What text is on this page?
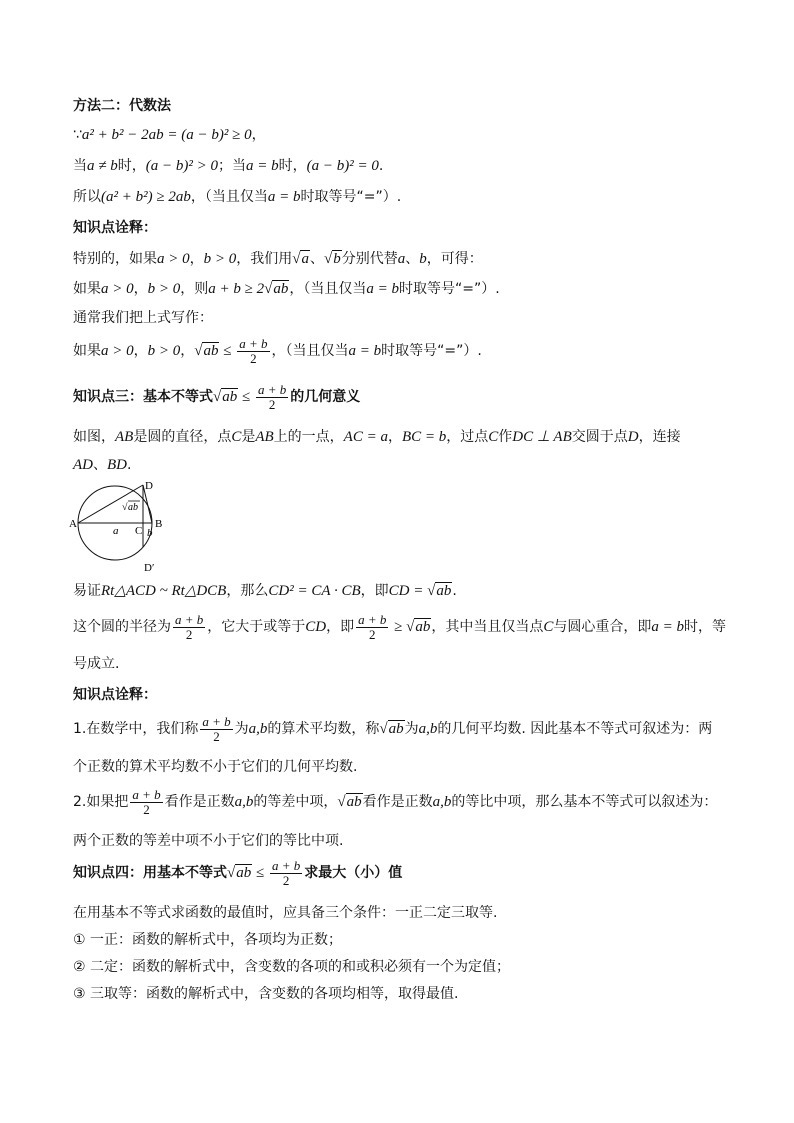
方法二：代数法
∵a² + b² − 2ab = (a − b)² ≥ 0，
当a ≠ b时，(a − b)² > 0；当a = b时，(a − b)² = 0.
所以(a² + b²) ≥ 2ab，（当且仅当a = b时取等号“=”）.
知识点诠释：
特别的，如果a > 0，b > 0，我们用√a、√b分别代替a、b，可得：
如果a > 0，b > 0，则a + b ≥ 2√ab，（当且仅当a = b时取等号“=”）.
通常我们把上式写作：
如果a > 0，b > 0，$√ab \le \frac{a + b}{2}$ ，（当且仅当a = b时取等号“=”）.
知识点三：基本不等式$√ab \le \frac{a + b}{2}$ 的几何意义
如图，AB是圆的直径，点C是AB上的一点，AC = a，BC = b，过点C作DC ⊥ AB交圆于点D，连接
AD、BD.
A	B
C
D
D′
a	b
√ ab
易证Rt△ACD ~ Rt△DCB，那么CD² = CA · CB，即CD = √ab.
这个圆的半径为 $\frac{a + b}{2}$ ，它大于或等于CD，即 $\frac{a + b}{2} \ge √ab$，其中当且仅当点C与圆心重合，即a = b时，等
号成立.
知识点诠释：
1.在数学中，我们称 $\frac{a + b}{2}$ 为a,b的算术平均数，称√ab为a,b的几何平均数. 因此基本不等式可叙述为：两
个正数的算术平均数不小于它们的几何平均数.
2.如果把 $\frac{a + b}{2}$ 看作是正数a,b的等差中项，√ab看作是正数a,b的等比中项，那么基本不等式可以叙述为：
两个正数的等差中项不小于它们的等比中项.
知识点四：用基本不等式$√ab \le \frac{a + b}{2}$ 求最大（小）值
在用基本不等式求函数的最值时，应具备三个条件：一正二定三取等.
① 一正：函数的解析式中，各项均为正数；
② 二定：函数的解析式中，含变数的各项的和或积必须有一个为定值；
③ 三取等：函数的解析式中，含变数的各项均相等，取得最值.
